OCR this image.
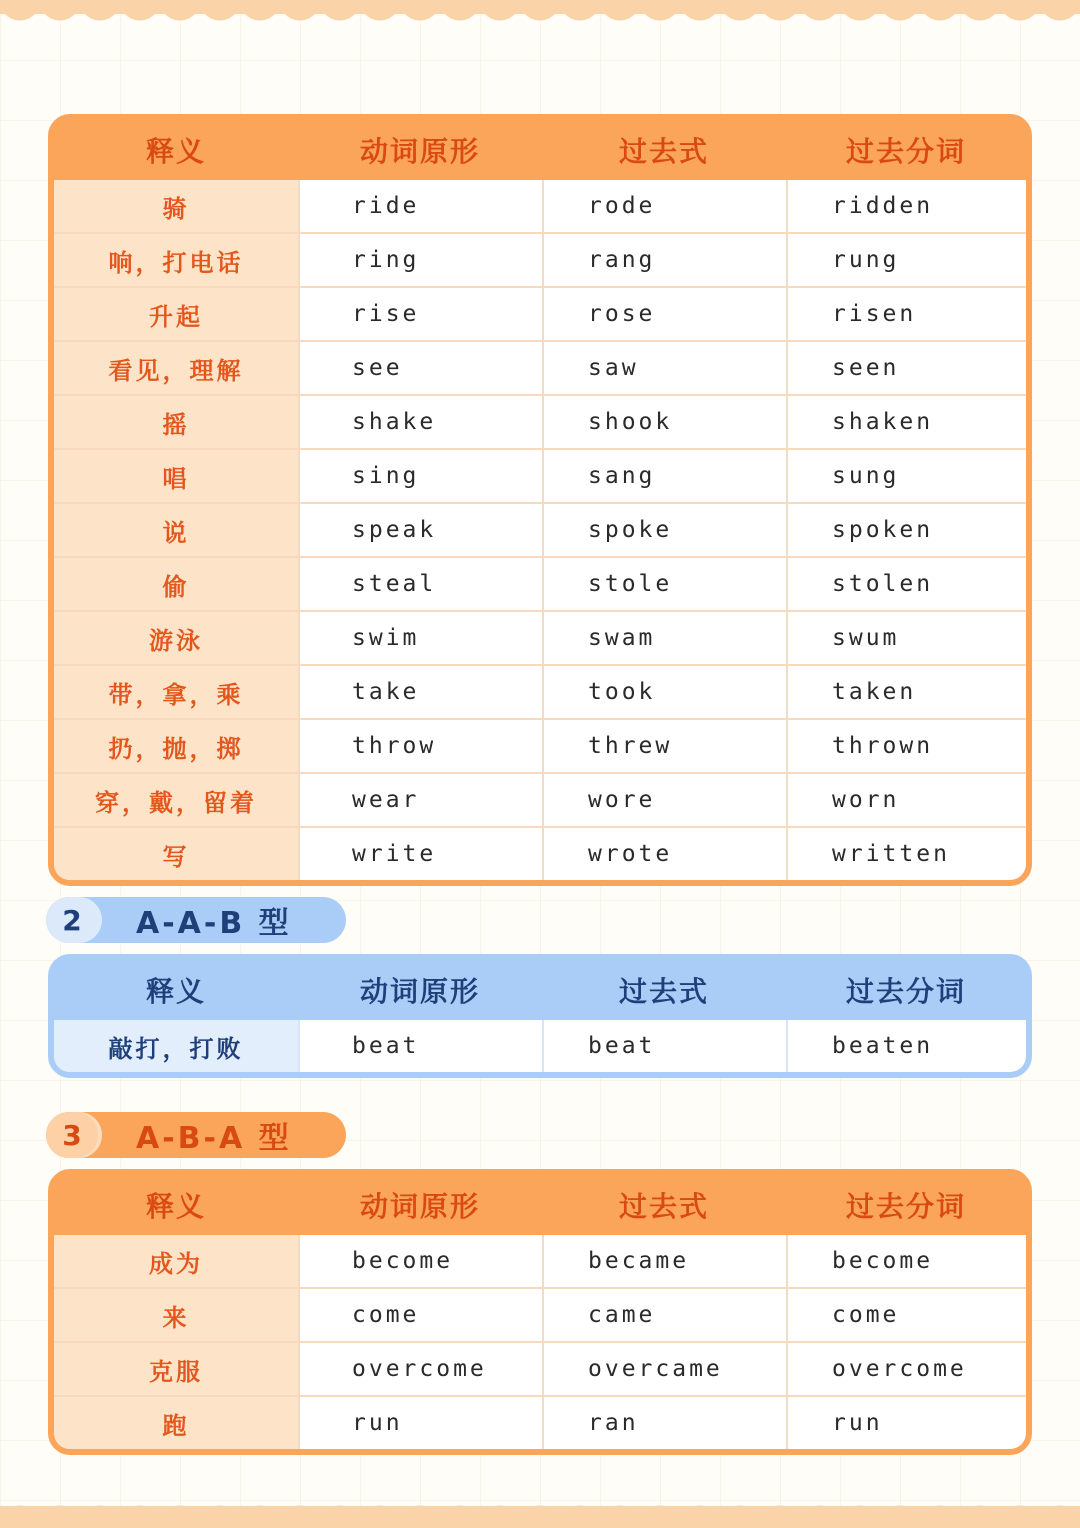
释义	动词原形	过去式	过去分词
骑	ride	rode	ridden
响，打电话	ring	rang	rung
升起	rise	rose	risen
看见，理解	see	saw	seen
摇	shake	shook	shaken
唱	sing	sang	sung
说	speak	spoke	spoken
偷	steal	stole	stolen
游泳	swim	swam	swum
带，拿，乘	take	took	taken
扔，抛，掷	throw	threw	thrown
穿，戴，留着	wear	wore	worn
写	write	wrote	written
2	A-A-B 型
释义	动词原形	过去式	过去分词
敲打，打败	beat	beat	beaten
3	A-B-A 型
释义	动词原形	过去式	过去分词
成为	become	became	become
来	come	came	come
克服	overcome	overcame	overcome
跑	run	ran	run
